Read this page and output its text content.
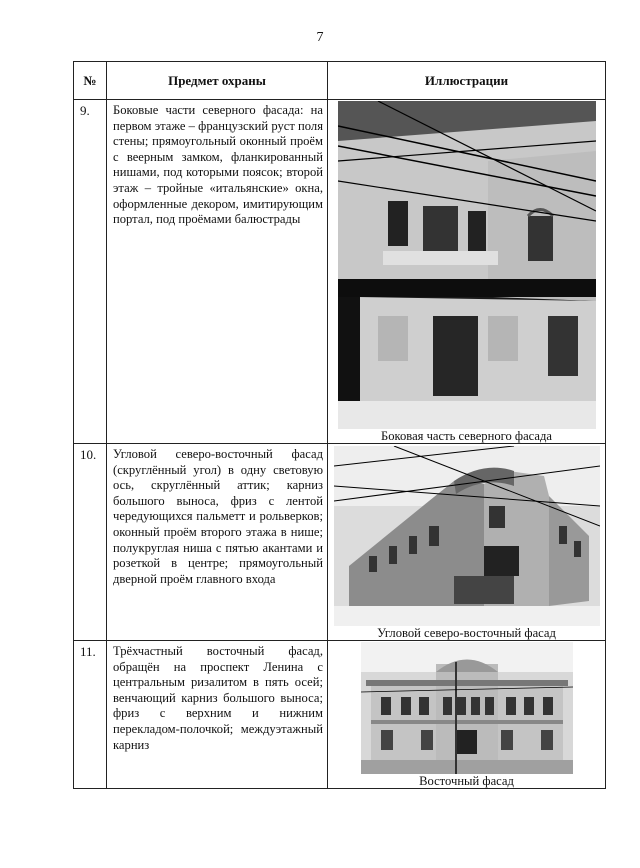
7
№	Предмет охраны	Иллюстрации
9.	Боковые части северного фасада: на первом этаже – французский руст поля стены; прямоугольный оконный проём с веерным замком, фланкированный нишами, под которыми поясок; второй этаж – тройные «итальянские» окна, оформленные декором, имитирующим портал, под проёмами балюстрады	Боковая часть северного фасада

10.	Угловой северо-восточный фасад (скруглённый угол) в одну световую ось, скруглённый аттик; карниз большого выноса, фриз с лентой чередующихся пальметт и рольверков; оконный проём второго этажа в нише; полукруглая ниша с пятью акантами и розеткой в центре; прямоугольный дверной проём главного входа	Угловой северо-восточный фасад

11.	Трёхчастный восточный фасад, обращён на проспект Ленина с центральным ризалитом в пять осей; венчающий карниз большого выноса; фриз с верхним и нижним перекладом-полочкой; междуэтажный карниз	Восточный фасад
